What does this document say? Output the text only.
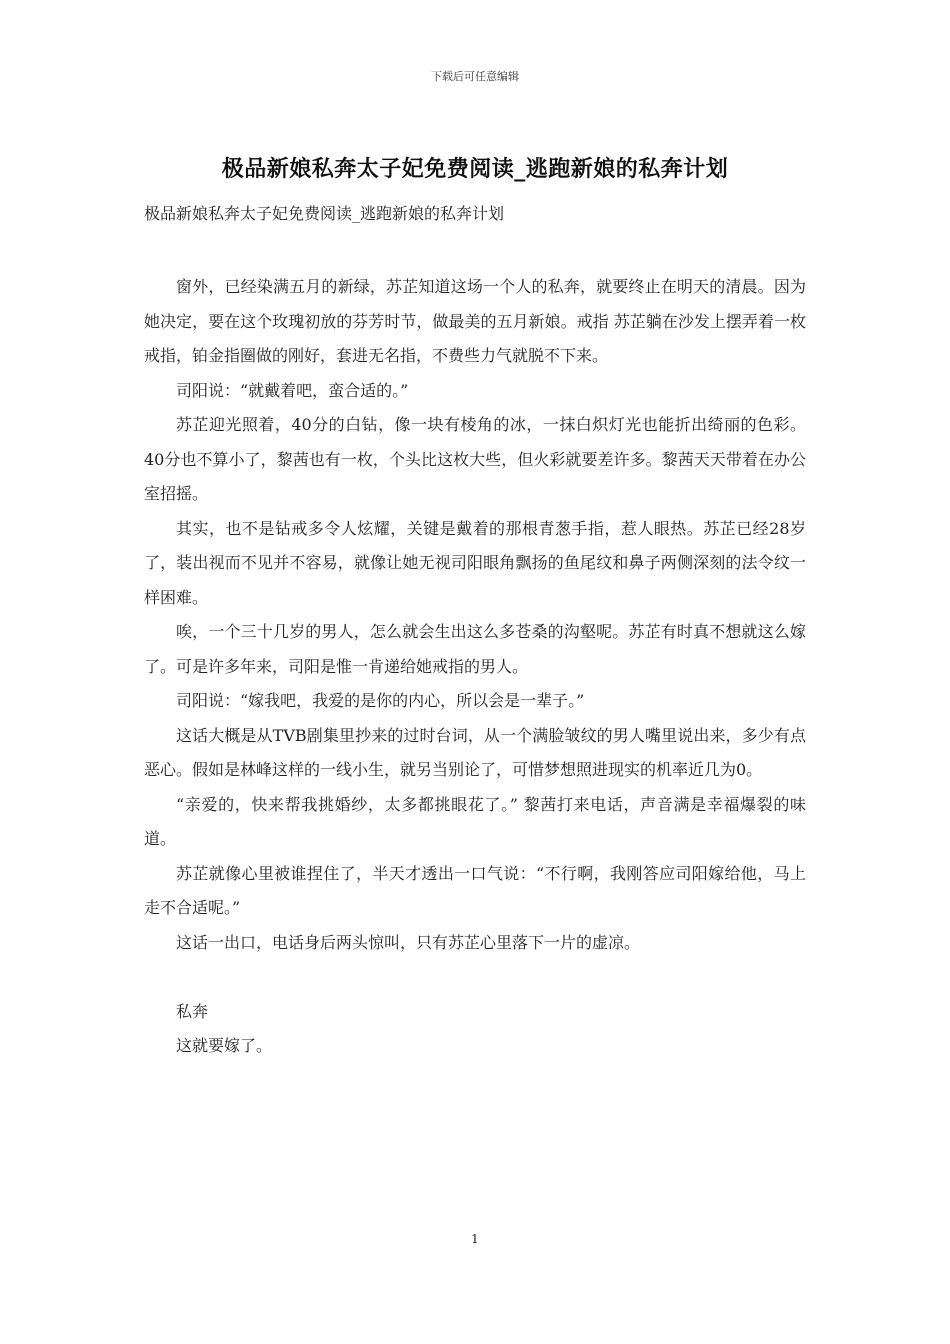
下载后可任意编辑
极品新娘私奔太子妃免费阅读_逃跑新娘的私奔计划
极品新娘私奔太子妃免费阅读_逃跑新娘的私奔计划

窗外，已经染满五月的新绿，苏芷知道这场一个人的私奔，就要终止在明天的清晨。因为她决定，要在这个玫瑰初放的芬芳时节，做最美的五月新娘。戒指 苏芷躺在沙发上摆弄着一枚戒指，铂金指圈做的刚好，套进无名指，不费些力气就脱不下来。

司阳说：“就戴着吧，蛮合适的。”

苏芷迎光照着，40分的白钻，像一块有棱角的冰，一抹白炽灯光也能折出绮丽的色彩。40分也不算小了，黎茜也有一枚，个头比这枚大些，但火彩就要差许多。黎茜天天带着在办公室招摇。

其实，也不是钻戒多令人炫耀，关键是戴着的那根青葱手指，惹人眼热。苏芷已经28岁了，装出视而不见并不容易，就像让她无视司阳眼角飘扬的鱼尾纹和鼻子两侧深刻的法令纹一样困难。

唉，一个三十几岁的男人，怎么就会生出这么多苍桑的沟壑呢。苏芷有时真不想就这么嫁了。可是许多年来，司阳是惟一肯递给她戒指的男人。

司阳说：“嫁我吧，我爱的是你的内心，所以会是一辈子。”

这话大概是从TVB剧集里抄来的过时台词，从一个满脸皱纹的男人嘴里说出来，多少有点恶心。假如是林峰这样的一线小生，就另当别论了，可惜梦想照进现实的机率近几为0。

“亲爱的，快来帮我挑婚纱，太多都挑眼花了。” 黎茜打来电话，声音满是幸福爆裂的味道。

苏芷就像心里被谁捏住了，半天才透出一口气说：“不行啊，我刚答应司阳嫁给他，马上走不合适呢。”

这话一出口，电话身后两头惊叫，只有苏芷心里落下一片的虚凉。

私奔

这就要嫁了。

1
